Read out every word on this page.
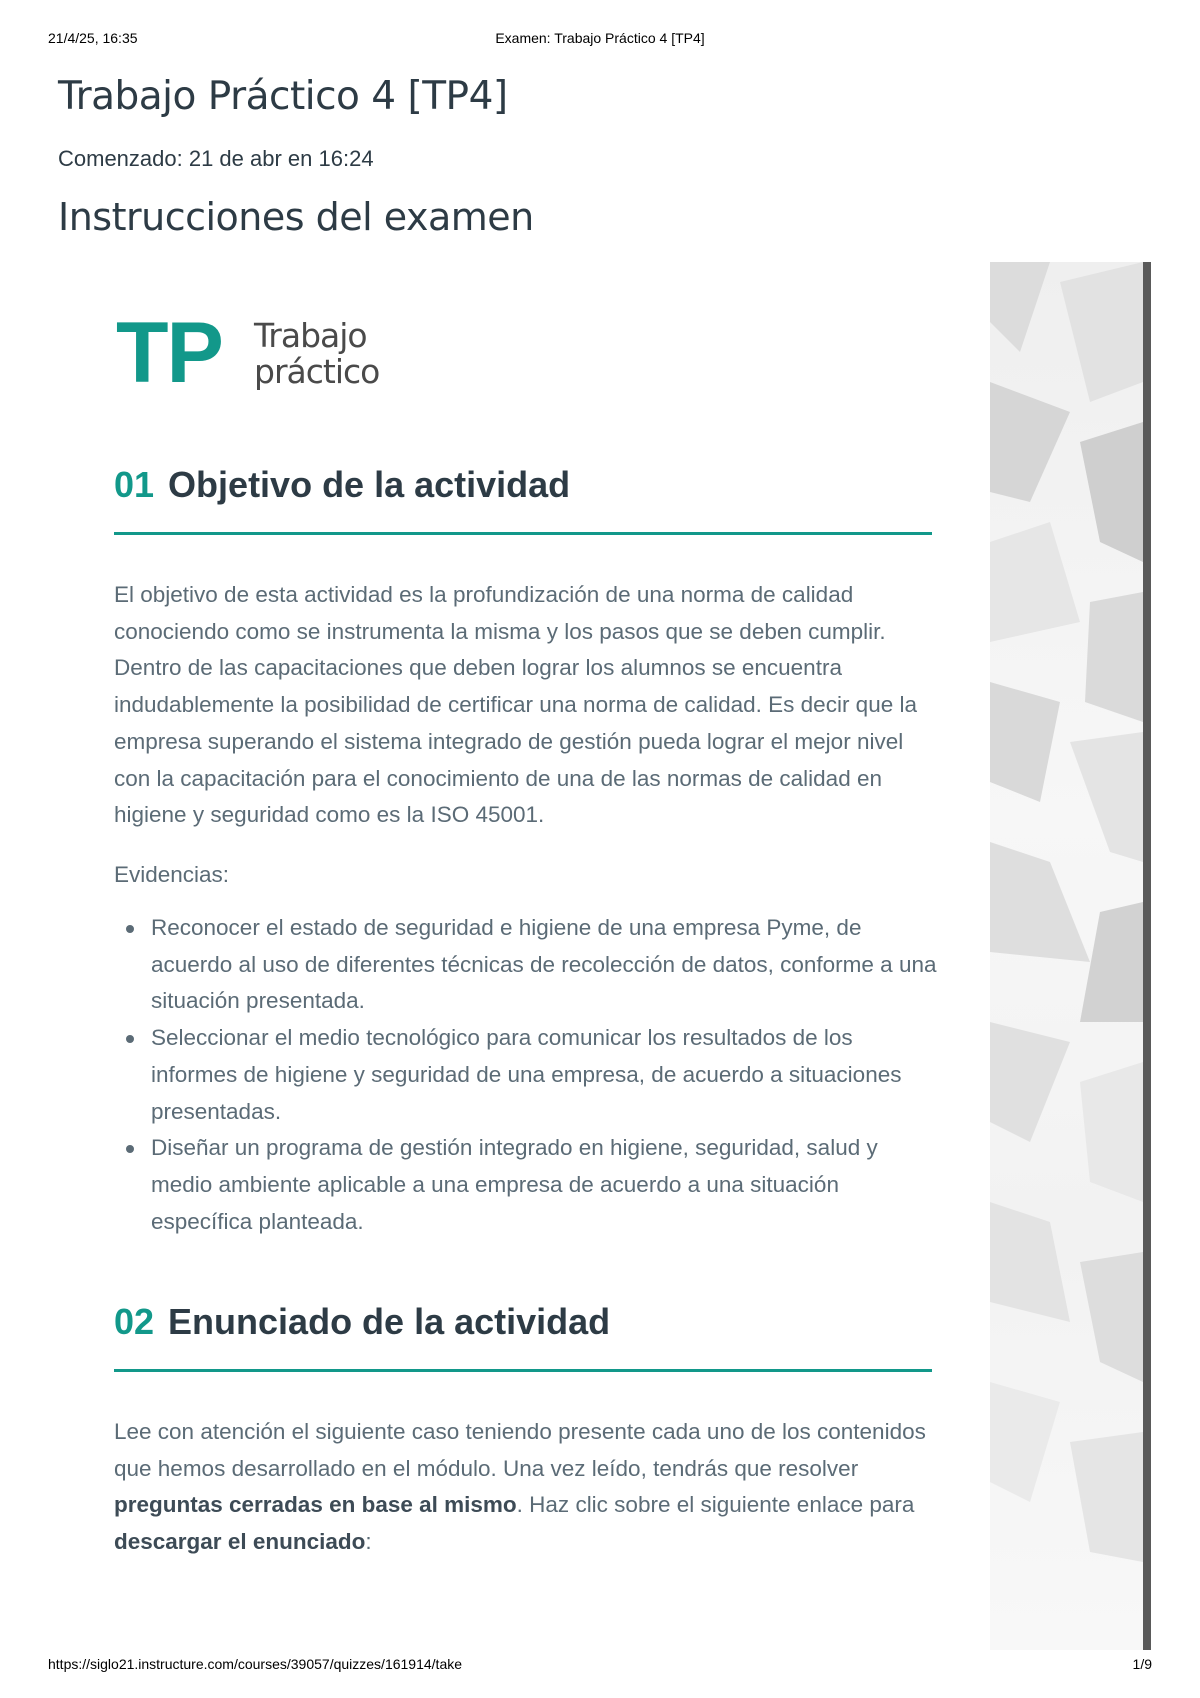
21/4/25, 16:35	Examen: Trabajo Práctico 4 [TP4]
Trabajo Práctico 4 [TP4]

Comenzado: 21 de abr en 16:24

Instrucciones del examen
TP Trabajo
práctico
01 Objetivo de la actividad

El objetivo de esta actividad es la profundización de una norma de calidad conociendo como se instrumenta la misma y los pasos que se deben cumplir. Dentro de las capacitaciones que deben lograr los alumnos se encuentra indudablemente la posibilidad de certificar una norma de calidad. Es decir que la empresa superando el sistema integrado de gestión pueda lograr el mejor nivel con la capacitación para el conocimiento de una de las normas de calidad en higiene y seguridad como es la ISO 45001.

Evidencias:

Reconocer el estado de seguridad e higiene de una empresa Pyme, de acuerdo al uso de diferentes técnicas de recolección de datos, conforme a una situación presentada.
Seleccionar el medio tecnológico para comunicar los resultados de los informes de higiene y seguridad de una empresa, de acuerdo a situaciones presentadas.
Diseñar un programa de gestión integrado en higiene, seguridad, salud y medio ambiente aplicable a una empresa de acuerdo a una situación específica planteada.
02 Enunciado de la actividad

Lee con atención el siguiente caso teniendo presente cada uno de los contenidos que hemos desarrollado en el módulo. Una vez leído, tendrás que resolver preguntas cerradas en base al mismo. Haz clic sobre el siguiente enlace para descargar el enunciado:

https://siglo21.instructure.com/courses/39057/quizzes/161914/take	1/9
